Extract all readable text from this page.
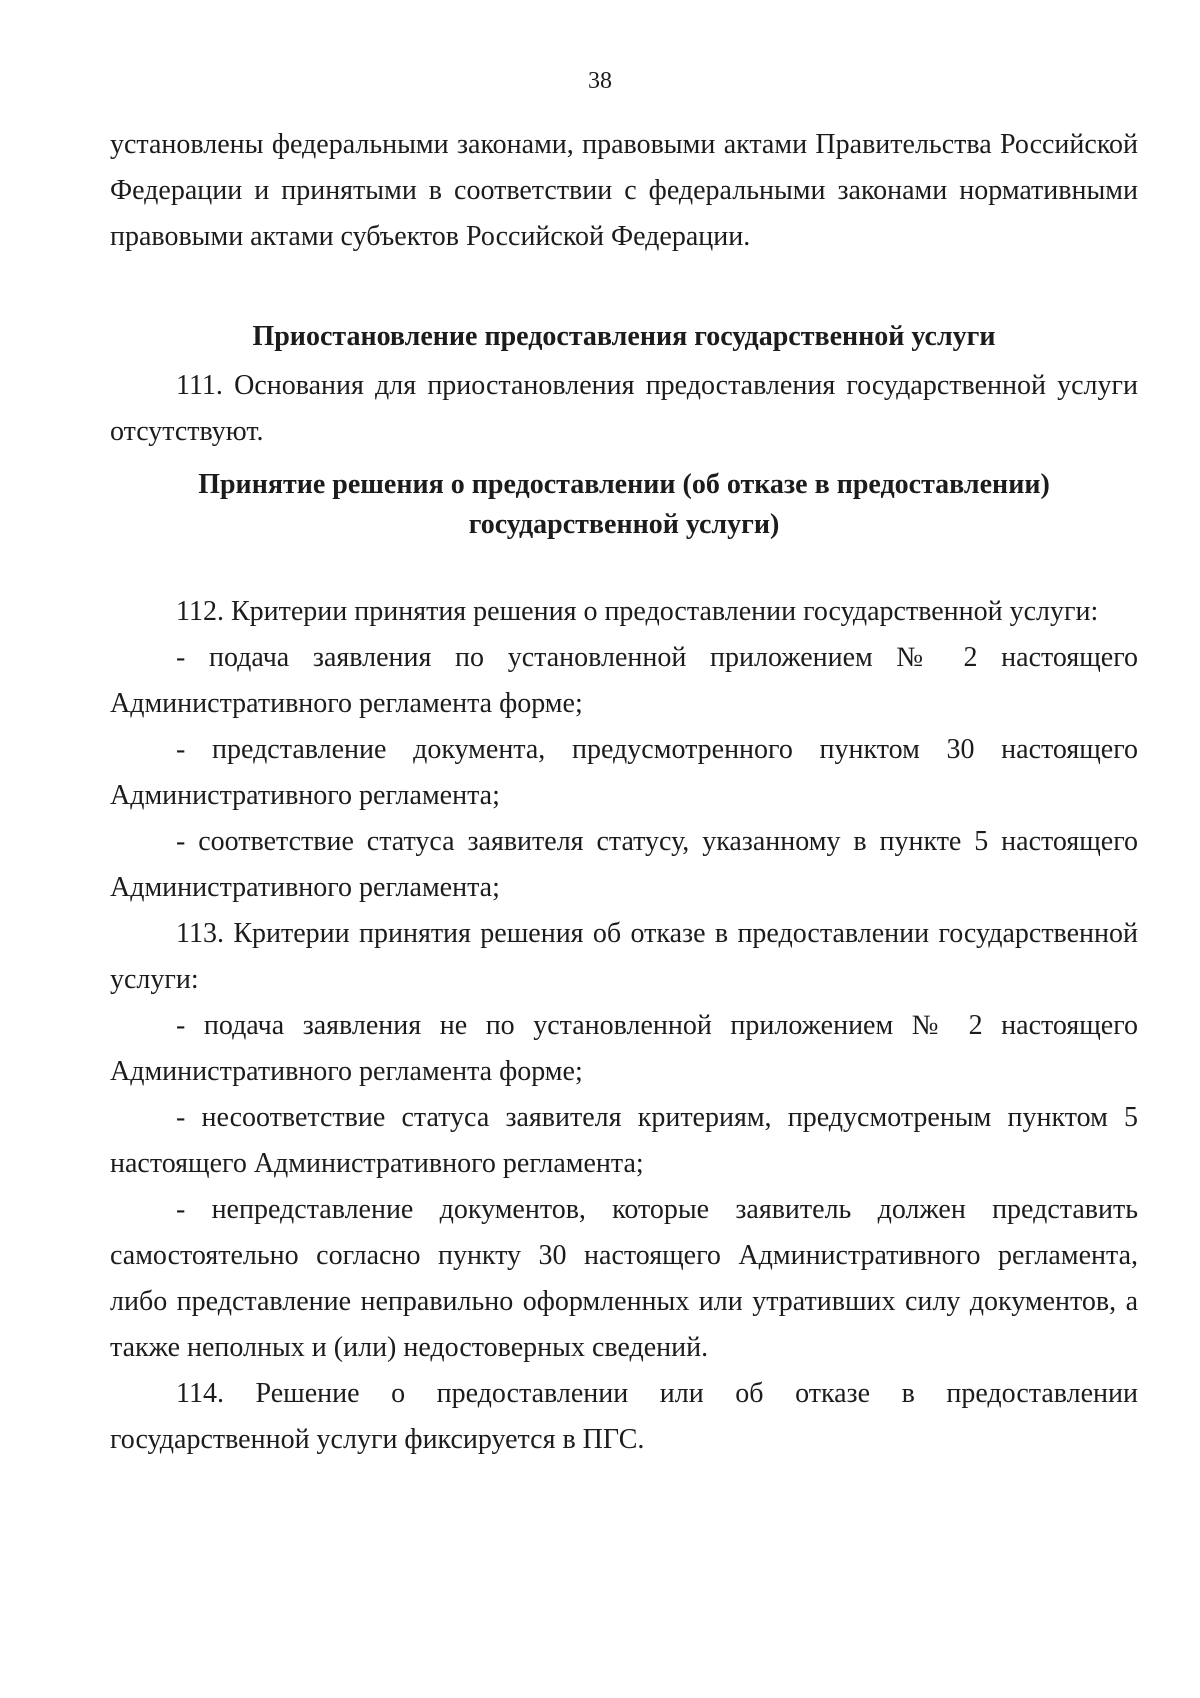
38

установлены федеральными законами, правовыми актами Правительства Российской Федерации и принятыми в соответствии с федеральными законами нормативными правовыми актами субъектов Российской Федерации.

Приостановление предоставления государственной услуги

111. Основания для приостановления предоставления государственной услуги отсутствуют.

Принятие решения о предоставлении (об отказе в предоставлении) государственной услуги)

112. Критерии принятия решения о предоставлении государственной услуги:

- подача заявления по установленной приложением № 2 настоящего Административного регламента форме;

- представление документа, предусмотренного пунктом 30 настоящего Административного регламента;

- соответствие статуса заявителя статусу, указанному в пункте 5 настоящего Административного регламента;

113. Критерии принятия решения об отказе в предоставлении государственной услуги:

- подача заявления не по установленной приложением № 2 настоящего Административного регламента форме;

- несоответствие статуса заявителя критериям, предусмотреным пунктом 5 настоящего Административного регламента;

- непредставление документов, которые заявитель должен представить самостоятельно согласно пункту 30 настоящего Административного регламента, либо представление неправильно оформленных или утративших силу документов, а также неполных и (или) недостоверных сведений.

114. Решение о предоставлении или об отказе в предоставлении государственной услуги фиксируется в ПГС.
